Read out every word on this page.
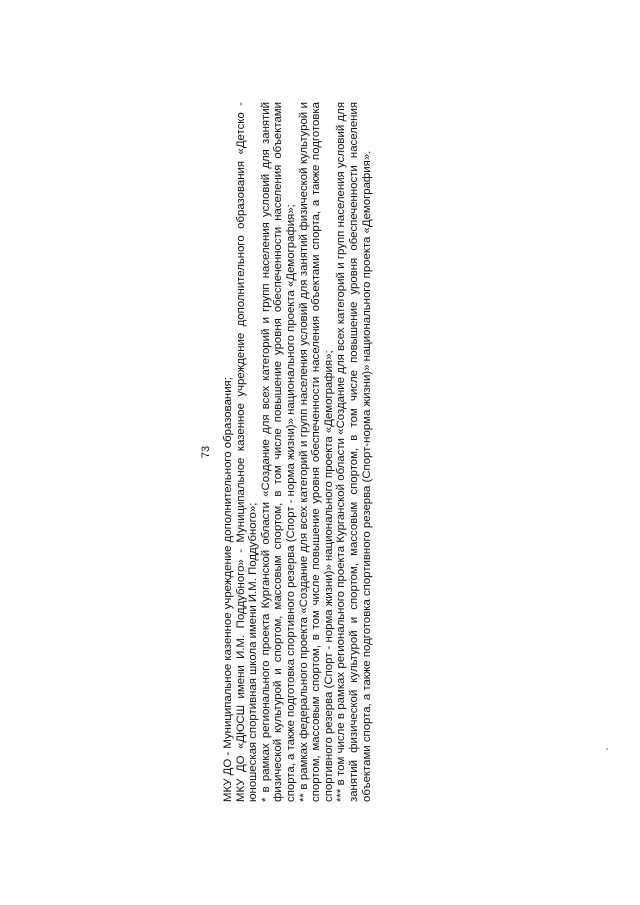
73 МКУ ДО - Муниципальное казенное учреждение дополнительного образования; МКУ ДО «ДЮСШ имени И.М. Поддубного» - Муниципальное казенное учреждение дополнительного образования «Детско - юношеская спортивная школа имени И.М. Поддубного»; * в рамках регионального проекта Курганской области «Создание для всех категорий и групп населения условий для занятий физической культурой и спортом, массовым спортом, в том числе повышение уровня обеспеченности населения объектами спорта, а также подготовка спортивного резерва (Спорт - норма жизни)» национального проекта «Демография»; ** в рамках федерального проекта «Создание для всех категорий и групп населения условий для занятий физической культурой и спортом, массовым спортом, в том числе повышение уровня обеспеченности населения объектами спорта, а также подготовка спортивного резерва (Спорт - норма жизни)» национального проекта «Демография»; *** в том числе в рамках регионального проекта Курганской области «Создание для всех категорий и групп населения условий для занятий физической культурой и спортом, массовым спортом, в том числе повышение уровня обеспеченности населения объектами спорта, а также подготовка спортивного резерва (Спорт-норма жизни)» национального проекта «Демография».
